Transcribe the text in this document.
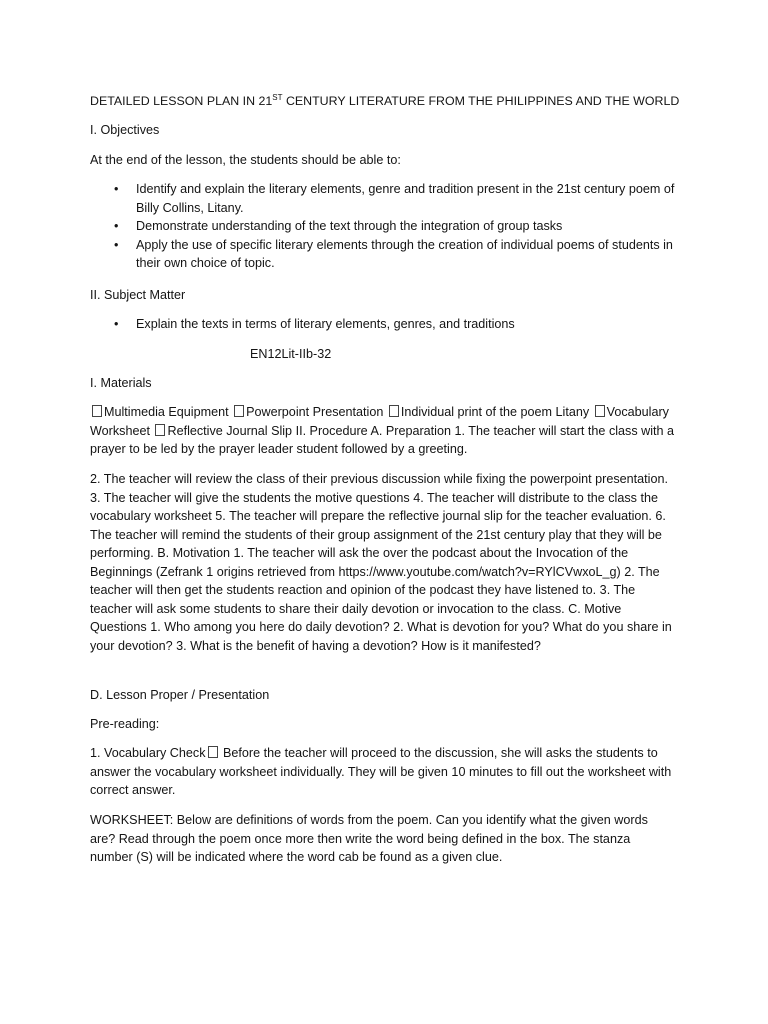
DETAILED LESSON PLAN IN 21ST CENTURY LITERATURE FROM THE PHILIPPINES AND THE WORLD

I. Objectives

At the end of the lesson, the students should be able to:

• Identify and explain the literary elements, genre and tradition present in the 21st century poem of Billy Collins, Litany.
• Demonstrate understanding of the text through the integration of group tasks
• Apply the use of specific literary elements through the creation of individual poems of students in their own choice of topic.

II. Subject Matter

• Explain the texts in terms of literary elements, genres, and traditions

EN12Lit-IIb-32

I. Materials

Multimedia Equipment Powerpoint Presentation Individual print of the poem Litany Vocabulary Worksheet Reflective Journal Slip II. Procedure A. Preparation 1. The teacher will start the class with a prayer to be led by the prayer leader student followed by a greeting.

2. The teacher will review the class of their previous discussion while fixing the powerpoint presentation. 3. The teacher will give the students the motive questions 4. The teacher will distribute to the class the vocabulary worksheet 5. The teacher will prepare the reflective journal slip for the teacher evaluation. 6. The teacher will remind the students of their group assignment of the 21st century play that they will be performing. B. Motivation 1. The teacher will ask the over the podcast about the Invocation of the Beginnings (Zefrank 1 origins retrieved from https://www.youtube.com/watch?v=RYlCVwxoL_g) 2. The teacher will then get the students reaction and opinion of the podcast they have listened to. 3. The teacher will ask some students to share their daily devotion or invocation to the class. C. Motive Questions 1. Who among you here do daily devotion? 2. What is devotion for you? What do you share in your devotion? 3. What is the benefit of having a devotion? How is it manifested?

D. Lesson Proper / Presentation

Pre-reading:

1. Vocabulary Check Before the teacher will proceed to the discussion, she will asks the students to answer the vocabulary worksheet individually. They will be given 10 minutes to fill out the worksheet with correct answer.

WORKSHEET: Below are definitions of words from the poem. Can you identify what the given words are? Read through the poem once more then write the word being defined in the box. The stanza number (S) will be indicated where the word cab be found as a given clue.
